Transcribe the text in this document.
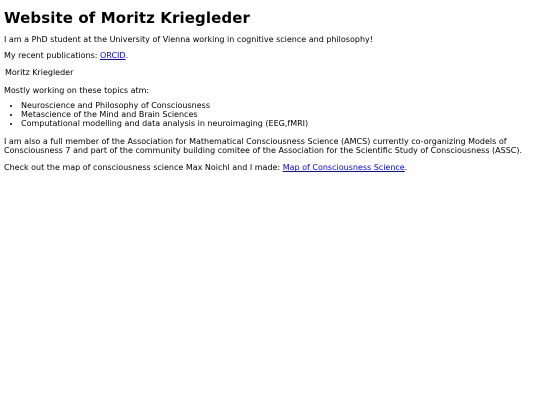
Website of Moritz Kriegleder

I am a PhD student at the University of Vienna working in cognitive science and philosophy!

My recent publications: ORCID.

Moritz Kriegleder

Mostly working on these topics atm:

• Neuroscience and Philosophy of Consciousness
• Metascience of the Mind and Brain Sciences
• Computational modelling and data analysis in neuroimaging (EEG,fMRI)

I am also a full member of the Association for Mathematical Consciousness Science (AMCS) currently co-organizing Models of Consciousness 7 and part of the community building comitee of the Association for the Scientific Study of Consciousness (ASSC).

Check out the map of consciousness science Max Noichl and I made: Map of Consciousness Science.
